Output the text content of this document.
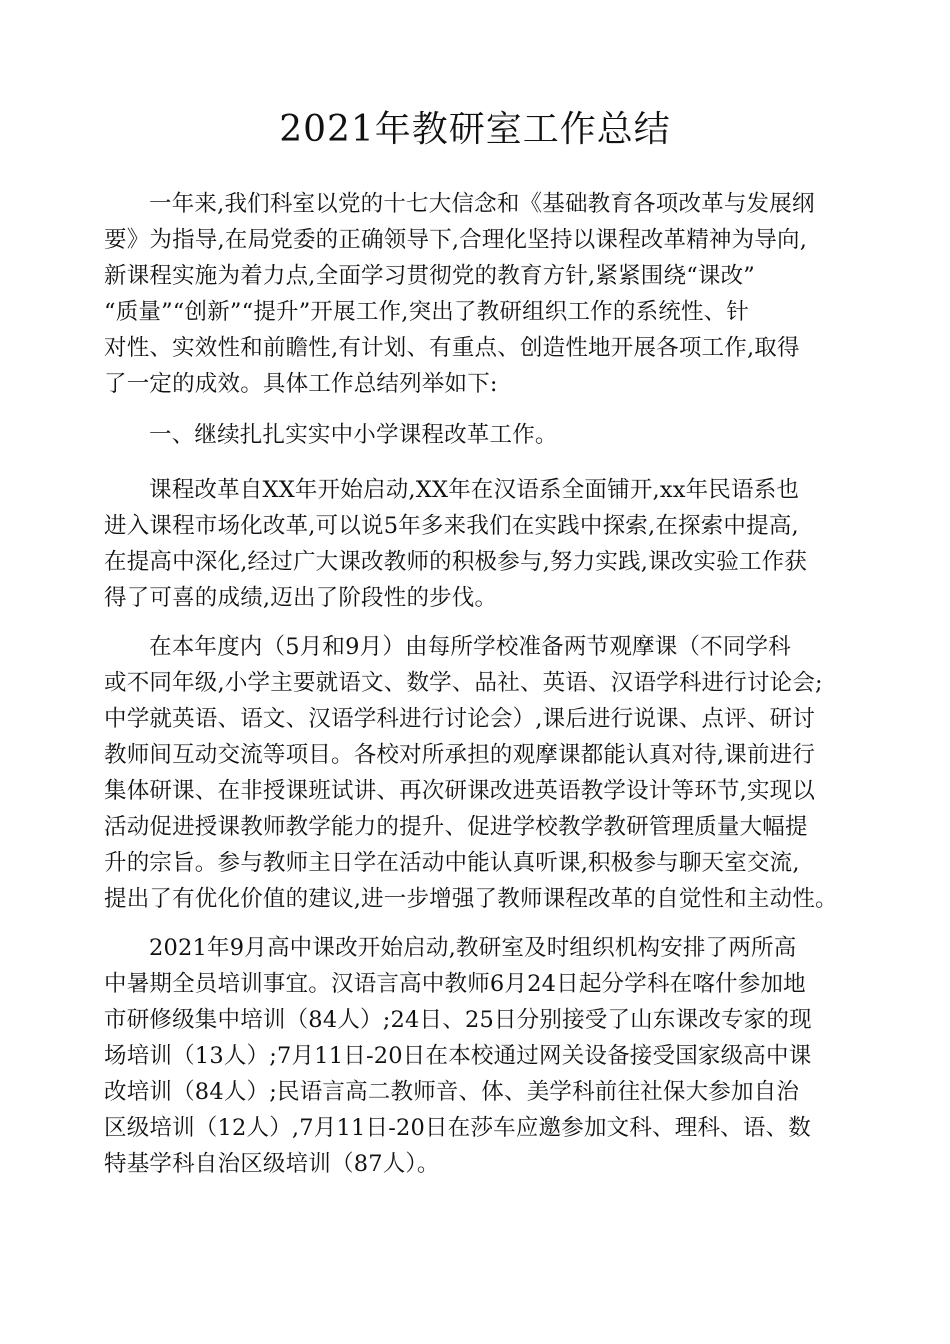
2021年教研室工作总结
一年来,我们科室以党的十七大信念和《基础教育各项改革与发展纲
要》为指导,在局党委的正确领导下,合理化坚持以课程改革精神为导向,
新课程实施为着力点,全面学习贯彻党的教育方针,紧紧围绕“课改”
“质量”“创新”“提升”开展工作,突出了教研组织工作的系统性、针
对性、实效性和前瞻性,有计划、有重点、创造性地开展各项工作,取得
了一定的成效。具体工作总结列举如下:
一、继续扎扎实实中小学课程改革工作。
课程改革自XX年开始启动,XX年在汉语系全面铺开,xx年民语系也
进入课程市场化改革,可以说5年多来我们在实践中探索,在探索中提高,
在提高中深化,经过广大课改教师的积极参与,努力实践,课改实验工作获
得了可喜的成绩,迈出了阶段性的步伐。
在本年度内（5月和9月）由每所学校准备两节观摩课（不同学科
或不同年级,小学主要就语文、数学、品社、英语、汉语学科进行讨论会;
中学就英语、语文、汉语学科进行讨论会）,课后进行说课、点评、研讨
教师间互动交流等项目。各校对所承担的观摩课都能认真对待,课前进行
集体研课、在非授课班试讲、再次研课改进英语教学设计等环节,实现以
活动促进授课教师教学能力的提升、促进学校教学教研管理质量大幅提
升的宗旨。参与教师主日学在活动中能认真听课,积极参与聊天室交流,
提出了有优化价值的建议,进一步增强了教师课程改革的自觉性和主动性。
2021年9月高中课改开始启动,教研室及时组织机构安排了两所高
中暑期全员培训事宜。汉语言高中教师6月24日起分学科在喀什参加地
市研修级集中培训（84人）;24日、25日分别接受了山东课改专家的现
场培训（13人）;7月11日-20日在本校通过网关设备接受国家级高中课
改培训（84人）;民语言高二教师音、体、美学科前往社保大参加自治
区级培训（12人）,7月11日-20日在莎车应邀参加文科、理科、语、数
特基学科自治区级培训（87人）。
